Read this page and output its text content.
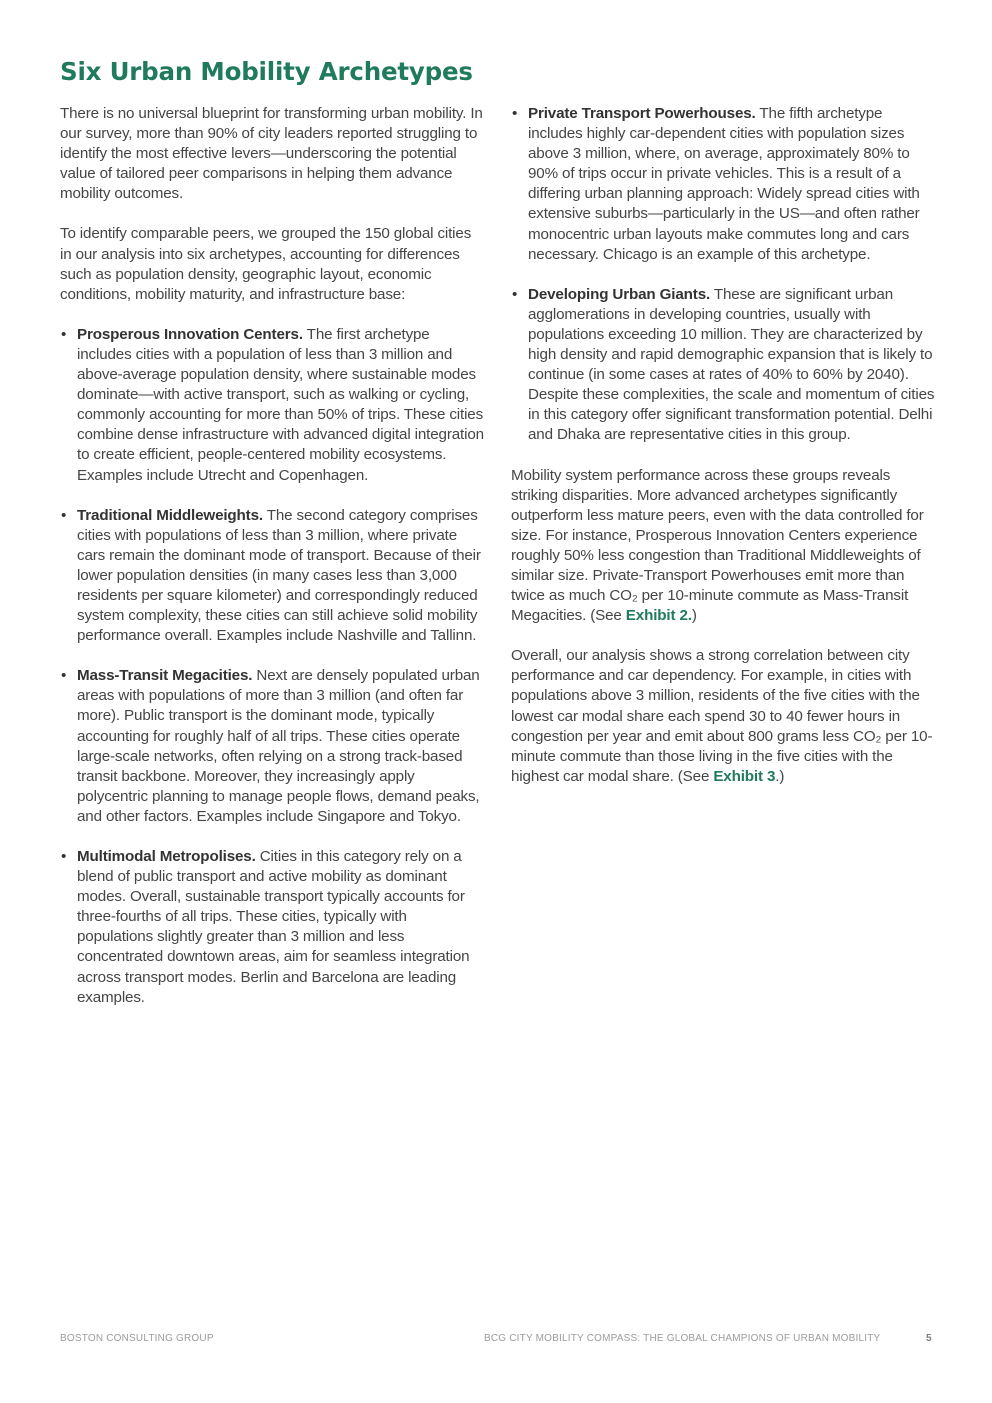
Six Urban Mobility Archetypes

There is no universal blueprint for transforming urban mobility. In our survey, more than 90% of city leaders reported struggling to identify the most effective levers—underscoring the potential value of tailored peer comparisons in helping them advance mobility outcomes.

To identify comparable peers, we grouped the 150 global cities in our analysis into six archetypes, accounting for differences such as population density, geographic layout, economic conditions, mobility maturity, and infrastructure base:

• Prosperous Innovation Centers. The first archetype includes cities with a population of less than 3 million and above-average population density, where sustainable modes dominate—with active transport, such as walking or cycling, commonly accounting for more than 50% of trips. These cities combine dense infrastructure with advanced digital integration to create efficient, people-centered mobility ecosystems. Examples include Utrecht and Copenhagen.
• Traditional Middleweights. The second category comprises cities with populations of less than 3 million, where private cars remain the dominant mode of transport. Because of their lower population densities (in many cases less than 3,000 residents per square kilometer) and correspondingly reduced system complexity, these cities can still achieve solid mobility performance overall. Examples include Nashville and Tallinn.
• Mass-Transit Megacities. Next are densely populated urban areas with populations of more than 3 million (and often far more). Public transport is the dominant mode, typically accounting for roughly half of all trips. These cities operate large-scale networks, often relying on a strong track-based transit backbone. Moreover, they increasingly apply polycentric planning to manage people flows, demand peaks, and other factors. Examples include Singapore and Tokyo.
• Multimodal Metropolises. Cities in this category rely on a blend of public transport and active mobility as dominant modes. Overall, sustainable transport typically accounts for three-fourths of all trips. These cities, typically with populations slightly greater than 3 million and less concentrated downtown areas, aim for seamless integration across transport modes. Berlin and Barcelona are leading examples.
• Private Transport Powerhouses. The fifth archetype includes highly car-dependent cities with population sizes above 3 million, where, on average, approximately 80% to 90% of trips occur in private vehicles. This is a result of a differing urban planning approach: Widely spread cities with extensive suburbs—particularly in the US—and often rather monocentric urban layouts make commutes long and cars necessary. Chicago is an example of this archetype.
• Developing Urban Giants. These are significant urban agglomerations in developing countries, usually with populations exceeding 10 million. They are characterized by high density and rapid demographic expansion that is likely to continue (in some cases at rates of 40% to 60% by 2040). Despite these complexities, the scale and momentum of cities in this category offer significant transformation potential. Delhi and Dhaka are representative cities in this group.

Mobility system performance across these groups reveals striking disparities. More advanced archetypes significantly outperform less mature peers, even with the data controlled for size. For instance, Prosperous Innovation Centers experience roughly 50% less congestion than Traditional Middleweights of similar size. Private-Transport Powerhouses emit more than twice as much CO₂ per 10-minute commute as Mass-Transit Megacities. (See Exhibit 2.)

Overall, our analysis shows a strong correlation between city performance and car dependency. For example, in cities with populations above 3 million, residents of the five cities with the lowest car modal share each spend 30 to 40 fewer hours in congestion per year and emit about 800 grams less CO₂ per 10-minute commute than those living in the five cities with the highest car modal share. (See Exhibit 3.)

BOSTON CONSULTING GROUP	BCG CITY MOBILITY COMPASS: THE GLOBAL CHAMPIONS OF URBAN MOBILITY	5
